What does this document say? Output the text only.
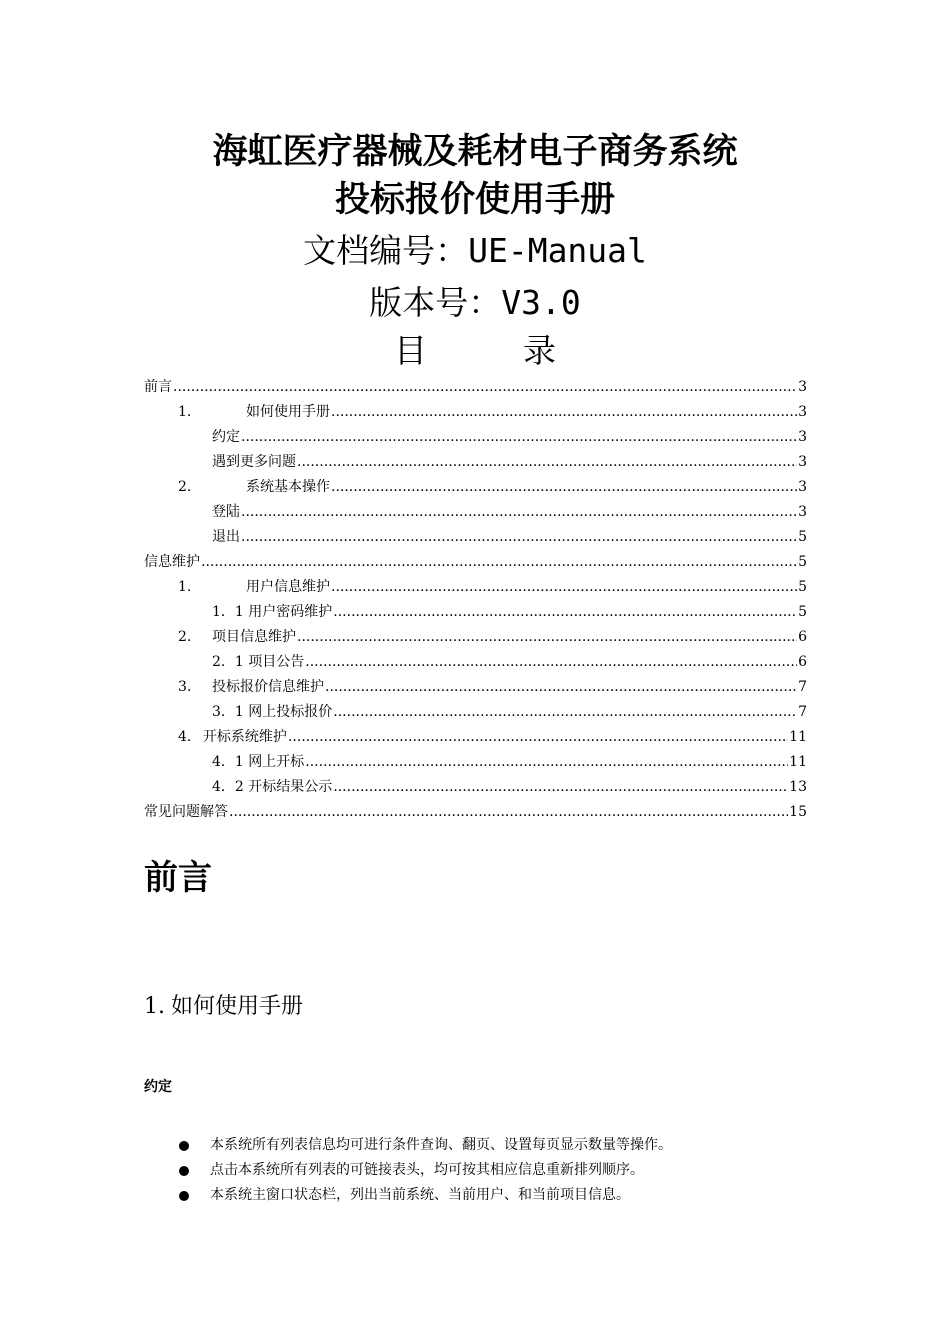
海虹医疗器械及耗材电子商务系统
投标报价使用手册
文档编号：UE-Manual
版本号：V3.0
目	录
前言 .....	3
1.	如何使用手册 .....	3
约定 .....	3
遇到更多问题 .....	3
2.	系统基本操作 .....	3
登陆 .....	3
退出 .....	5
信息维护 .....	5
1.	用户信息维护 .....	5
1．1 用户密码维护 .....	5
2.	项目信息维护 .....	6
2．1 项目公告 .....	6
3.	投标报价信息维护 .....	7
3．1 网上投标报价 .....	7
4． 开标系统维护 .....	11
4．1 网上开标 .....	11
4．2 开标结果公示 .....	13
常见问题解答 .....	15
前言
1. 如何使用手册
约定
本系统所有列表信息均可进行条件查询、翻页、设置每页显示数量等操作。
点击本系统所有列表的可链接表头，均可按其相应信息重新排列顺序。
本系统主窗口状态栏，列出当前系统、当前用户、和当前项目信息。
